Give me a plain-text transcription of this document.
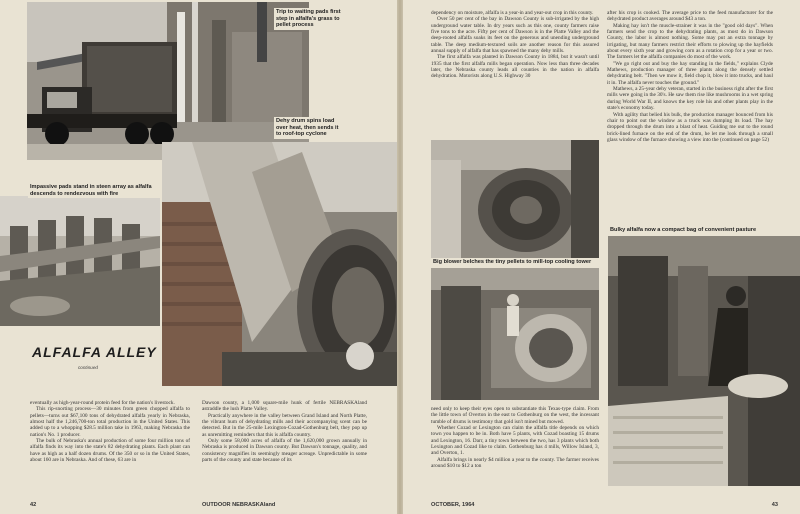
Trip to waiting pads first step in alfalfa's grass to pellet process
Dehy drum spins load over heat, then sends it to roof-top cyclone
Impassive pads stand in steen array as alfalfa descends to rendezvous with fire
ALFALFA ALLEY
continued

eventually as high-year-round protein feed for the nation's livestock.

This rip-snorting process—30 minutes from green chopped alfalfa to pellets—turns out $67,100 tons of dehydrated alfalfa yearly in Nebraska, almost half the 1,246,700-ton total production in the United States. This added up to a whopping $28.5 million take in 1963, making Nebraska the nation's No. 1 producer.

The bulk of Nebraska's annual production of some four million tons of alfalfa finds its way into the state's 82 dehydrating plants. Each plant can have as high as a half dozen drums. Of the 350 or so in the United States, about 160 are in Nebraska. And of these, 63 are in

Dawson county, a 1,000 square-mile hunk of fertile NEBRASKAland astraddle the lush Platte Valley.

Practically anywhere in the valley between Grand Island and North Platte, the vibrant hum of dehydrating mills and their accompanying scent can be detected. But in the 25-mile Lexington-Cozad-Gothenburg belt, they pop up as unremitting reminders that this is alfalfa country.

Only some 58,000 acres of alfalfa of the 1,620,000 grown annually in Nebraska is produced in Dawson county. But Dawson's tonnage, quality, and consistency magnifies its seemingly meager acreage. Unpredictable in some parts of the county and state because of its

42	OUTDOOR NEBRASKAland

dependency on moisture, alfalfa is a year-in and year-out crop in this county.

Over 50 per cent of the bay in Dawson County is sub-irrigated by the high underground water table. In dry years such as this one, county farmers raise five tons to the acre. Fifty per cent of Dawson is in the Platte Valley and the deep-rooted alfalfa soaks its feet on the generous and unending underground table. The deep medium-textured soils are another reason for this assured annual supply of alfalfa that has spawned the many dehy mills.

The first alfalfa was planted in Dawson County in 1884, but it wasn't until 1935 that the first alfalfa mills began operation. Now less than three decades later, the Nebraska county leads all counties in the nation in alfalfa dehydration. Motorists along U.S. Highway 30

after his crop is cooked. The average price to the feed manufacturer for the dehydrated product averages around $43 a ton.

Making hay isn't the muscle-strainer it was in the "good old days". When farmers send the crop to the dehydrating plants, as most do in Dawson County, the labor is almost nothing. Some may put an extra tonnage by irrigating, but many farmers restrict their efforts to plowing up the hayfields about every sixth year and growing corn as a rotation crop for a year or two. The farmers let the alfalfa companies do most of the work.

"We go right out and buy the hay standing in the fields," explains Clyde Mathews, production manager of three plants along the densely settled dehydrating belt. "Then we mow it, field chop it, blow it into trucks, and haul it in. The alfalfa never touches the ground."

Mathews, a 25-year dehy veteran, started in the business right after the first mills were going in the 30's. He saw them rise like mushrooms in a wet spring during World War II, and knows the key role his and other plants play in the state's economy today.

With agility that belied his bulk, the production manager bounced from his chair to point out the window as a truck was dumping its load. The hay dropped through the drum into a blast of heat. Guiding me out to the round brick-lined furnace on the end of the drum, he let me look through a small glass window of the furnace showing a view into the (continued on page 52)

Big blower belches the tiny pellets to mill-top cooling tower
Bulky alfalfa now a compact bag of convenient pasture

need only to keep their eyes open to substantiate this Texas-type claim. From the little town of Overton in the east to Gothenburg on the west, the incessant tumble of drums is testimony that gold isn't mined but mowed.

Whether Cozad or Lexington can claim the alfalfa title depends on which town you happen to be in. Both have 5 plants, with Cozad boasting 15 drums and Lexington, 16. Darr, a tiny town between the two, has 3 plants which both Lexington and Cozad like to claim. Gothenburg has 4 mills, Willow Island, 3, and Overton, 1.

Alfalfa brings in nearly $4 million a year to the county. The farmer receives around $10 to $12 a ton

OCTOBER, 1964	43
